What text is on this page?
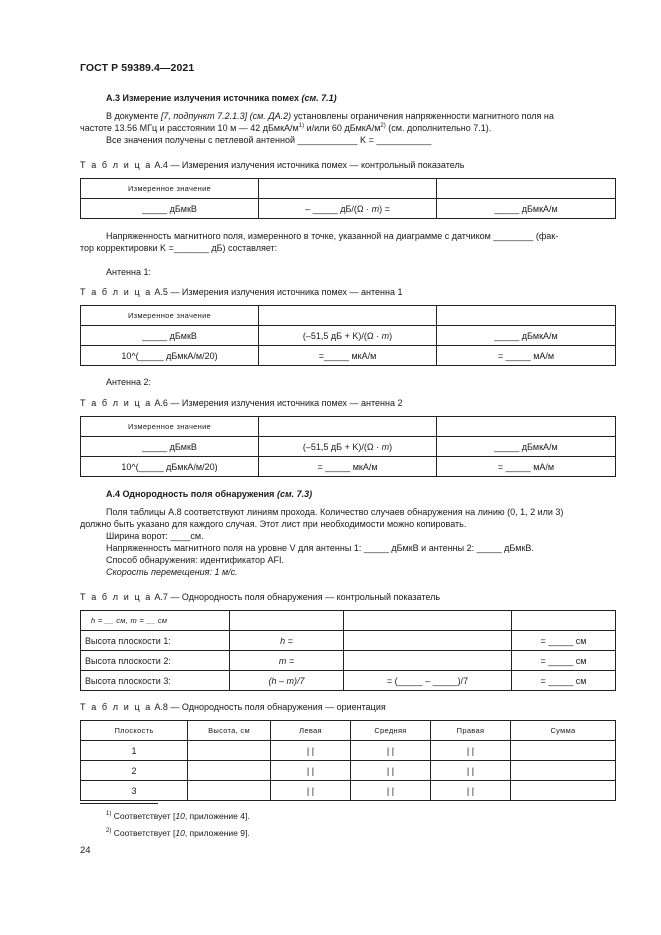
ГОСТ Р 59389.4—2021
А.3 Измерение излучения источника помех (см. 7.1)
В документе [7, подпункт 7.2.1.3] (см. ДА.2) установлены ограничения напряженности магнитного поля на
частоте 13.56 МГц и расстоянии 10 м — 42 дБмкА/$м^{1)}$ и/или 60 дБмкА/$м^{2)}$ (см. дополнительно 7.1).
Все значения получены с петлевой антенной ____________ K = ___________
Т а б л и ц а А.4 — Измерения излучения источника помех — контрольный показатель
Измеренное значение		
_____ дБмкВ	– _____ дБ/(Ω · m) =	_____ дБмкА/м
Напряженность магнитного поля, измеренного в точке, указанной на диаграмме с датчиком ________ (фак-
тор корректировки K =_______ дБ) составляет:
Антенна 1:
Т а б л и ц а А.5 — Измерения излучения источника помех — антенна 1
Измеренное значение		
_____ дБмкВ	(–51,5 дБ + K)/(Ω · m)	_____ дБмкА/м
10^(_____ дБмкА/м/20)	=_____ мкА/м	= _____ мА/м
Антенна 2:
Т а б л и ц а А.6 — Измерения излучения источника помех — антенна 2
Измеренное значение		
_____ дБмкВ	(–51,5 дБ + K)/(Ω · m)	_____ дБмкА/м
10^(_____ дБмкА/м/20)	= _____ мкА/м	= _____ мА/м
А.4 Однородность поля обнаружения (см. 7.3)
Поля таблицы А.8 соответствуют линиям прохода. Количество случаев обнаружения на линию (0, 1, 2 или 3)
должно быть указано для каждого случая. Этот лист при необходимости можно копировать.
Ширина ворот: ____см.
Напряженность магнитного поля на уровне V для антенны 1: _____ дБмкВ и антенны 2: _____ дБмкВ.
Способ обнаружения: идентификатор AFI.
Скорость перемещения: 1 м/с.
Т а б л и ц а А.7 — Однородность поля обнаружения — контрольный показатель
h = __ см, m = __ см			
Высота плоскости 1:	h =		= _____ см
Высота плоскости 2:	m =		= _____ см
Высота плоскости 3:	(h – m)/7	= (_____ – _____)/7	= _____ см
Т а б л и ц а А.8 — Однородность поля обнаружения — ориентация
Плоскость	Высота, см	Левая	Средняя	Правая	Сумма
1		| |	| |	| |	
2		| |	| |	| |	
3		| |	| |	| |	
$^{1)}$ Соответствует [10, приложение 4].
$^{2)}$ Соответствует [10, приложение 9].
24
